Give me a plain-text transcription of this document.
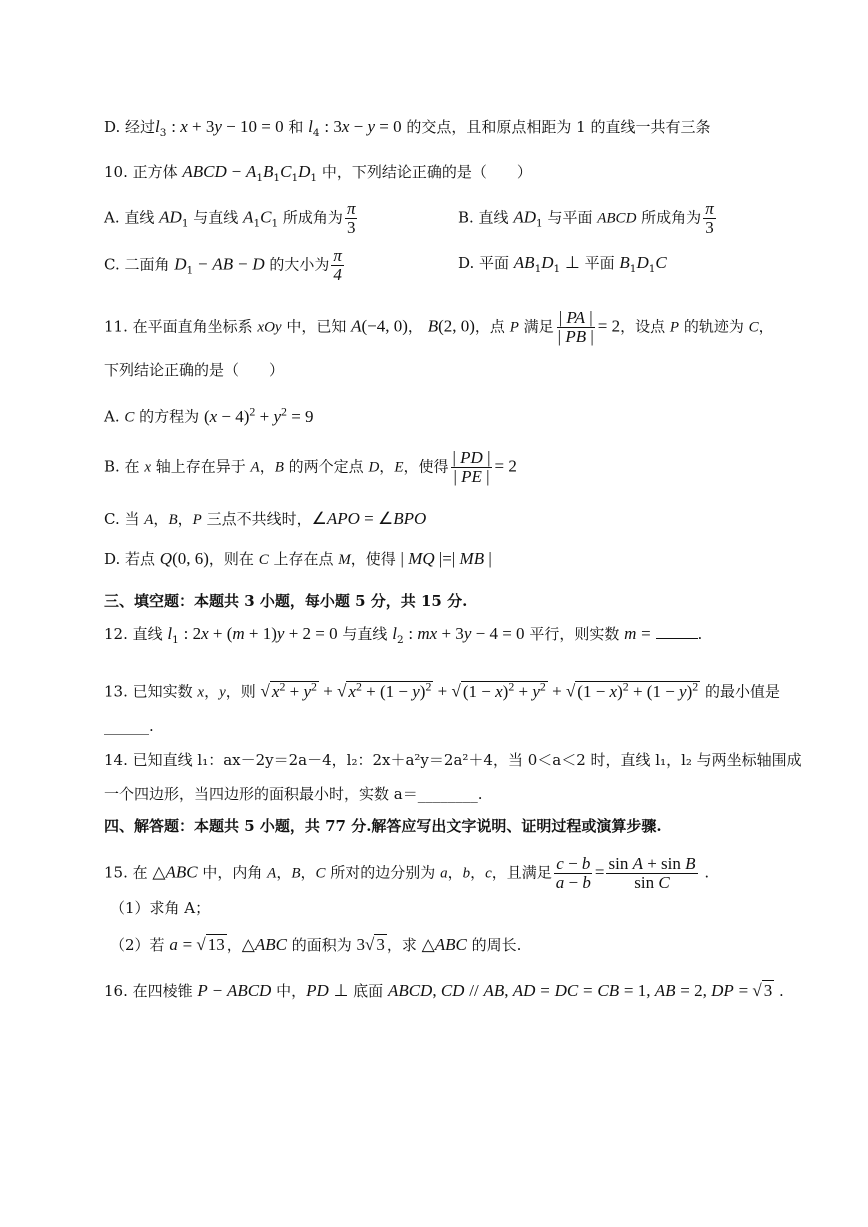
D. 经过$l_3$ : x + 3y − 10 = 0 和 $l_4$ : 3x − y = 0 的交点，且和原点相距为 1 的直线一共有三条
10. 正方体 ABCD − $A_1B_1C_1D_1$ 中，下列结论正确的是（　　）
A. 直线 $AD_1$ 与直线 $A_1C_1$ 所成角为 $\frac{\pi}{3}$	B. 直线 $AD_1$ 与平面 ABCD 所成角为 $\frac{\pi}{3}$
C. 二面角 $D_1$ − AB − D 的大小为 $\frac{\pi}{4}$	D. 平面 $AB_1D_1$ ⊥ 平面 $B_1D_1C$
11. 在平面直角坐标系 xOy 中，已知 A(−4, 0)， B(2, 0)，点 P 满足 $\frac{| PA |}{| PB |} = 2$，设点 P 的轨迹为 C，
下列结论正确的是（　　）
A. C 的方程为 $(x - 4)^2 + y^2 = 9$
B. 在 x 轴上存在异于 A，B 的两个定点 D，E，使得 $\frac{| PD |}{| PE |} = 2$
C. 当 A，B，P 三点不共线时，∠APO = ∠BPO
D. 若点 Q(0, 6)，则在 C 上存在点 M，使得 | MQ |=| MB |
三、填空题：本题共 3 小题，每小题 5 分，共 15 分.
12. 直线 $l_1$ : 2x + (m + 1)y + 2 = 0 与直线 $l_2$ : mx + 3y − 4 = 0 平行，则实数 m =	.
13. 已知实数 x，y，则 √ $x^2 + y^2$ + √ $x^2 + (1 - y)^2$ + √ $(1 - x)^2 + y^2$ + √ $(1 - x)^2 + (1 - y)^2$ 的最小值是
______.
14. 已知直线 l₁：ax－2y＝2a－4，l₂：2x＋a²y＝2a²＋4，当 0＜a＜2 时，直线 l₁，l₂ 与两坐标轴围成
一个四边形，当四边形的面积最小时，实数 a＝________.
四、解答题：本题共 5 小题，共 77 分.解答应写出文字说明、证明过程或演算步骤.
15. 在 △ABC 中，内角 A，B，C 所对的边分别为 a，b，c，且满足 $\frac{c - b}{a - b} = \frac{\text{sin A + sin B}}{\text{sin C}}$ .
（1）求角 A；
（2）若 a = √ 13 ，△ABC 的面积为 3√ 3 ，求 △ABC 的周长.
16. 在四棱锥 P − ABCD 中，PD ⊥ 底面 ABCD, CD // AB, AD = DC = CB = 1, AB = 2, DP = √ 3 .
